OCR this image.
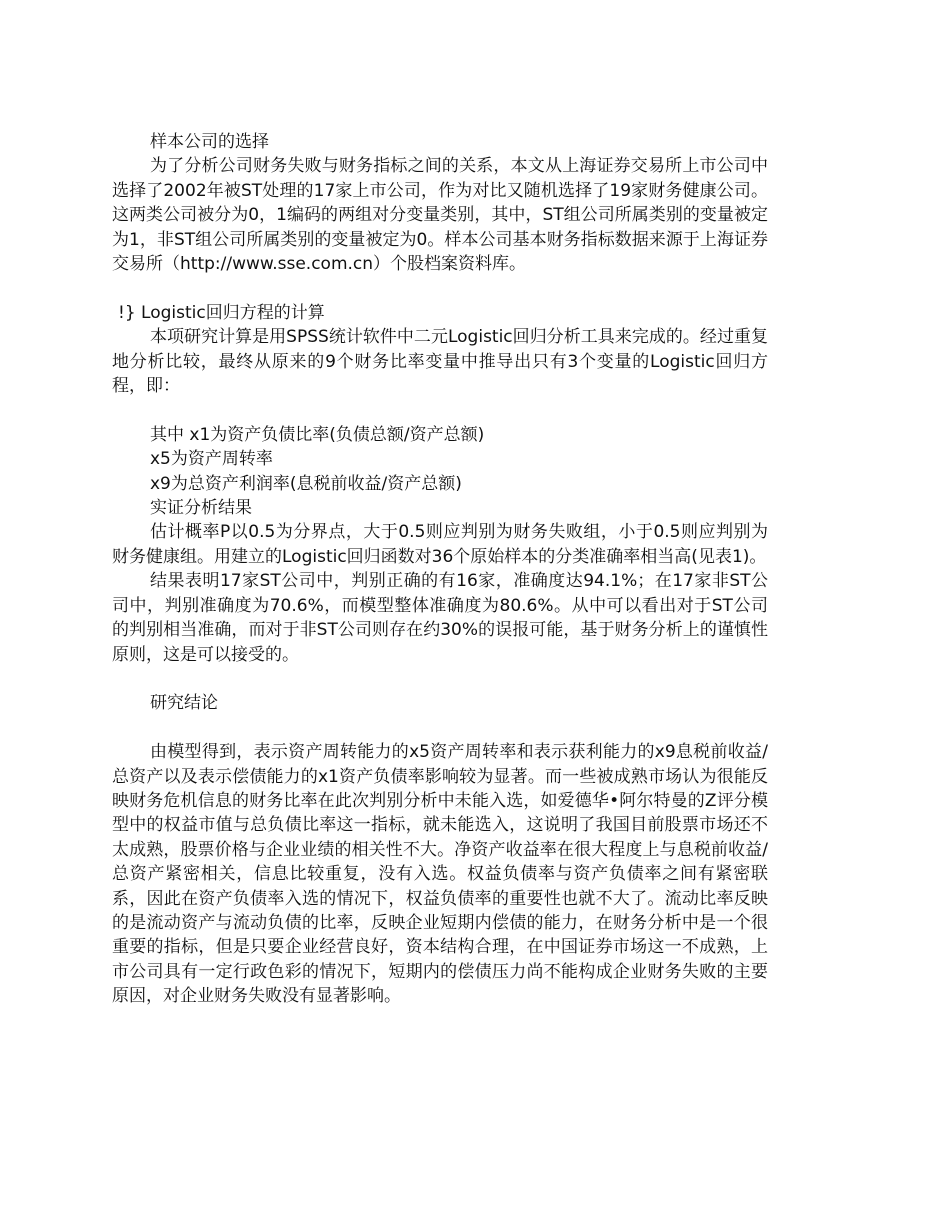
样本公司的选择

为了分析公司财务失败与财务指标之间的关系，本文从上海证券交易所上市公司中选择了2002年被ST处理的17家上市公司，作为对比又随机选择了19家财务健康公司。这两类公司被分为0，1编码的两组对分变量类别，其中，ST组公司所属类别的变量被定为1，非ST组公司所属类别的变量被定为0。样本公司基本财务指标数据来源于上海证券交易所（http://www.sse.com.cn）个股档案资料库。

!} Logistic回归方程的计算

本项研究计算是用SPSS统计软件中二元Logistic回归分析工具来完成的。经过重复地分析比较，最终从原来的9个财务比率变量中推导出只有3个变量的Logistic回归方程，即：

其中 x1为资产负债比率(负债总额/资产总额)

x5为资产周转率

x9为总资产利润率(息税前收益/资产总额)

实证分析结果

估计概率P以0.5为分界点，大于0.5则应判别为财务失败组，小于0.5则应判别为财务健康组。用建立的Logistic回归函数对36个原始样本的分类准确率相当高(见表1)。

结果表明17家ST公司中，判别正确的有16家，准确度达94.1%；在17家非ST公司中，判别准确度为70.6%，而模型整体准确度为80.6%。从中可以看出对于ST公司的判别相当准确，而对于非ST公司则存在约30%的误报可能，基于财务分析上的谨慎性原则，这是可以接受的。

研究结论

由模型得到，表示资产周转能力的x5资产周转率和表示获利能力的x9息税前收益/总资产以及表示偿债能力的x1资产负债率影响较为显著。而一些被成熟市场认为很能反映财务危机信息的财务比率在此次判别分析中未能入选，如爱德华•阿尔特曼的Z评分模型中的权益市值与总负债比率这一指标，就未能选入，这说明了我国目前股票市场还不太成熟，股票价格与企业业绩的相关性不大。净资产收益率在很大程度上与息税前收益/总资产紧密相关，信息比较重复，没有入选。权益负债率与资产负债率之间有紧密联系，因此在资产负债率入选的情况下，权益负债率的重要性也就不大了。流动比率反映的是流动资产与流动负债的比率，反映企业短期内偿债的能力，在财务分析中是一个很重要的指标，但是只要企业经营良好，资本结构合理，在中国证券市场这一不成熟，上市公司具有一定行政色彩的情况下，短期内的偿债压力尚不能构成企业财务失败的主要原因，对企业财务失败没有显著影响。
